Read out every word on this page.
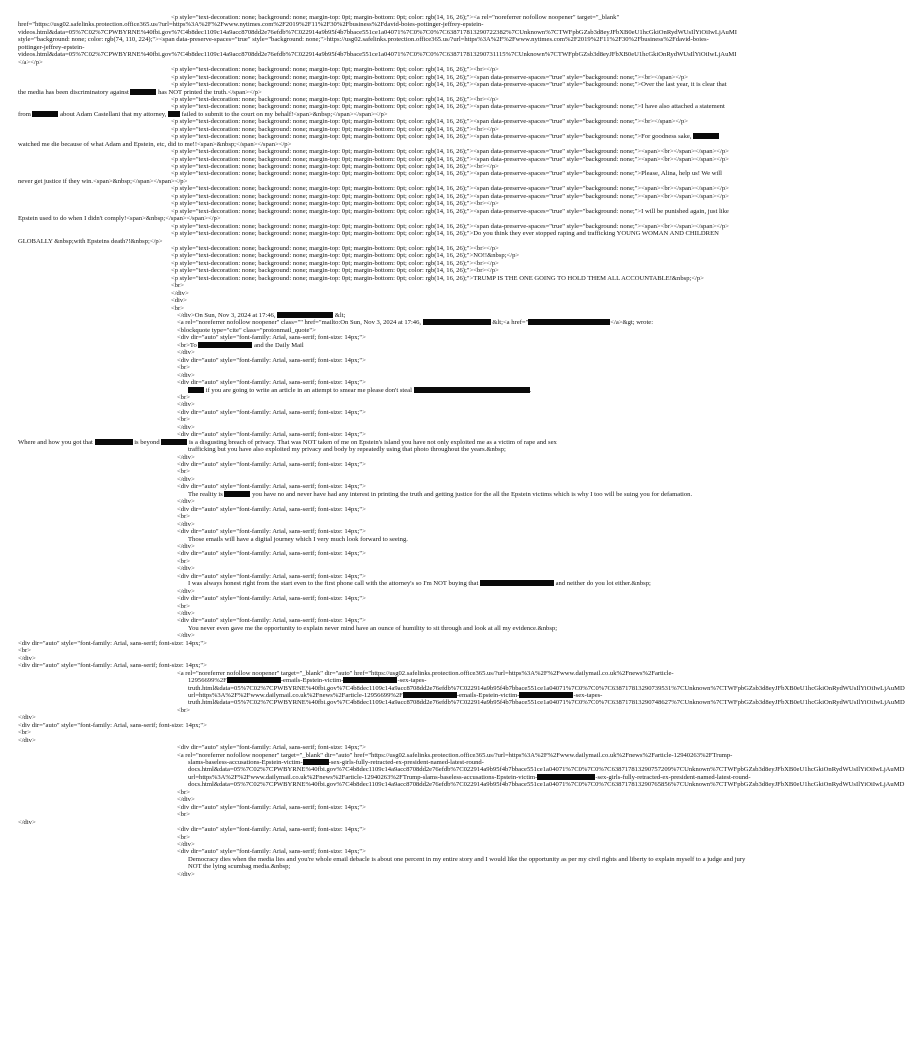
<p style="text-decoration: none; background: none; margin-top: 0pt; margin-bottom: 0pt; color: rgb(14, 16, 26);"><a rel="noreferrer nofollow noopener" target="_blank"
href="https://usg02.safelinks.protection.office365.us/?url=https%3A%2F%2Fwww.nytimes.com%2F2019%2F11%2F30%2Fbusiness%2Fdavid-boies-pottinger-jeffrey-epstein-
videos.html&data=05%7C02%7CPWBYRNE%40fbi.gov%7C4b8dec1109c14a9acc8708dd2e76efdb%7C022914a9b95f4b7bbace551ce1a04071%7C0%7C0%7C638717813290722382%7CUnknown%7CTWFpbGZsb3d8eyJFbXB0eU1hcGkiOnRydWUsIlYiOiIwLjAuMI
style="background: none; color: rgb(74, 110, 224);"><span data-preserve-spaces="true" style="background: none;">https://usg02.safelinks.protection.office365.us/?url=https%3A%2F%2Fwww.nytimes.com%2F2019%2F11%2F30%2Fbusiness%2Fdavid-boies-
pottinger-jeffrey-epstein-
videos.html&data=05%7C02%7CPWBYRNE%40fbi.gov%7C4b8dec1109c14a9acc8708dd2e76efdb%7C022914a9b95f4b7bbace551ce1a04071%7C0%7C0%7C638717813290731115%7CUnknown%7CTWFpbGZsb3d8eyJFbXB0eU1hcGkiOnRydWUsIlYiOiIwLjAuMI
</a></p>
<p style="text-decoration: none; background: none; margin-top: 0pt; margin-bottom: 0pt; color: rgb(14, 16, 26);"><br></p>
<p style="text-decoration: none; background: none; margin-top: 0pt; margin-bottom: 0pt; color: rgb(14, 16, 26);"><span data-preserve-spaces="true" style="background: none;"><br></span></p>
<p style="text-decoration: none; background: none; margin-top: 0pt; margin-bottom: 0pt; color: rgb(14, 16, 26);"><span data-preserve-spaces="true" style="background: none;">Over the last year, it is clear that
the media has been discriminatory against	has NOT printed the truth.</span></p>
<p style="text-decoration: none; background: none; margin-top: 0pt; margin-bottom: 0pt; color: rgb(14, 16, 26);"><br></p>
<p style="text-decoration: none; background: none; margin-top: 0pt; margin-bottom: 0pt; color: rgb(14, 16, 26);"><span data-preserve-spaces="true" style="background: none;">I have also attached a statement
from	about Adam Castellani that my attorney,  failed to submit to the court on my behalf!<span>&nbsp;</span></span></p>
<p style="text-decoration: none; background: none; margin-top: 0pt; margin-bottom: 0pt; color: rgb(14, 16, 26);"><span data-preserve-spaces="true" style="background: none;"><br></span></p>
<p style="text-decoration: none; background: none; margin-top: 0pt; margin-bottom: 0pt; color: rgb(14, 16, 26);"><br></p>
<p style="text-decoration: none; background: none; margin-top: 0pt; margin-bottom: 0pt; color: rgb(14, 16, 26);"><span data-preserve-spaces="true" style="background: none;">For goodness sake,
watched me die because of what Adam and Epstein, etc, did to me!!<span>&nbsp;</span></span></p>
<p style="text-decoration: none; background: none; margin-top: 0pt; margin-bottom: 0pt; color: rgb(14, 16, 26);"><span data-preserve-spaces="true" style="background: none;"><span><br></span></span></p>
<p style="text-decoration: none; background: none; margin-top: 0pt; margin-bottom: 0pt; color: rgb(14, 16, 26);"><span data-preserve-spaces="true" style="background: none;"><span><br></span></span></p>
<p style="text-decoration: none; background: none; margin-top: 0pt; margin-bottom: 0pt; color: rgb(14, 16, 26);"><br></p>
<p style="text-decoration: none; background: none; margin-top: 0pt; margin-bottom: 0pt; color: rgb(14, 16, 26);"><span data-preserve-spaces="true" style="background: none;">Please, Alina, help us! We will
never get justice if they win.<span>&nbsp;</span></span></p>
<p style="text-decoration: none; background: none; margin-top: 0pt; margin-bottom: 0pt; color: rgb(14, 16, 26);"><span data-preserve-spaces="true" style="background: none;"><span><br></span></span></p>
<p style="text-decoration: none; background: none; margin-top: 0pt; margin-bottom: 0pt; color: rgb(14, 16, 26);"><span data-preserve-spaces="true" style="background: none;"><span><br></span></span></p>
<p style="text-decoration: none; background: none; margin-top: 0pt; margin-bottom: 0pt; color: rgb(14, 16, 26);"><br></p>
<p style="text-decoration: none; background: none; margin-top: 0pt; margin-bottom: 0pt; color: rgb(14, 16, 26);"><span data-preserve-spaces="true" style="background: none;">I will be punished again, just like
Epstein used to do when I didn't comply!<span>&nbsp;</span></span></p>
<p style="text-decoration: none; background: none; margin-top: 0pt; margin-bottom: 0pt; color: rgb(14, 16, 26);"><span data-preserve-spaces="true" style="background: none;"><span><br></span></span></p>
<p style="text-decoration: none; background: none; margin-top: 0pt; margin-bottom: 0pt; color: rgb(14, 16, 26);">Do you think they ever stopped raping and trafficking YOUNG WOMAN AND CHILDREN
GLOBALLY &nbsp;with Epsteins death?!&nbsp;</p>
<p style="text-decoration: none; background: none; margin-top: 0pt; margin-bottom: 0pt; color: rgb(14, 16, 26);"><br></p>
<p style="text-decoration: none; background: none; margin-top: 0pt; margin-bottom: 0pt; color: rgb(14, 16, 26);">NO!!&nbsp;</p>
<p style="text-decoration: none; background: none; margin-top: 0pt; margin-bottom: 0pt; color: rgb(14, 16, 26);"><br></p>
<p style="text-decoration: none; background: none; margin-top: 0pt; margin-bottom: 0pt; color: rgb(14, 16, 26);"><br></p>
<p style="text-decoration: none; background: none; margin-top: 0pt; margin-bottom: 0pt; color: rgb(14, 16, 26);">TRUMP IS THE ONE GOING TO HOLD THEM ALL ACCOUNTABLE!&nbsp;</p>
<br>
</div>
<div>
<br>
</div>On Sun, Nov 3, 2024 at 17:46,	&lt;
<a rel="noreferrer nofollow noopener" class="" href="mailto:On Sun, Nov 3, 2024 at 17:46,	&lt;<a href="	</a>&gt; wrote:
<blockquote type="cite" class="protonmail_quote">
<div dir="auto" style="font-family: Arial, sans-serif; font-size: 14px;">
<br>To	and the Daily Mail
</div>
<div dir="auto" style="font-family: Arial, sans-serif; font-size: 14px;">
<br>
</div>
<div dir="auto" style="font-family: Arial, sans-serif; font-size: 14px;">
if you are going to write an article in an attempt to smear me please don't steal	.
<br>
</div>
<div dir="auto" style="font-family: Arial, sans-serif; font-size: 14px;">
<br>
</div>
<div dir="auto" style="font-family: Arial, sans-serif; font-size: 14px;">
Where and how you got that	is beyond	is a disgusting breach of privacy. That was NOT taken of me on Epstein's island you have not only exploited me as a victim of rape and sex
trafficking but you have also exploited my privacy and body by repeatedly using that photo throughout the years.&nbsp;
</div>
<div dir="auto" style="font-family: Arial, sans-serif; font-size: 14px;">
<br>
</div>
<div dir="auto" style="font-family: Arial, sans-serif; font-size: 14px;">
The reality is	you have no and never have had any interest in printing the truth and getting justice for the all the Epstein victims which is why I too will be suing you for defamation.
</div>
<div dir="auto" style="font-family: Arial, sans-serif; font-size: 14px;">
<br>
</div>
<div dir="auto" style="font-family: Arial, sans-serif; font-size: 14px;">
Those emails will have a digital journey which I very much look forward to seeing.
</div>
<div dir="auto" style="font-family: Arial, sans-serif; font-size: 14px;">
<br>
</div>
<div dir="auto" style="font-family: Arial, sans-serif; font-size: 14px;">
I was always honest right from the start even to the first phone call with the attorney's so I'm NOT buying that	and neither do you lot either.&nbsp;
</div>
<div dir="auto" style="font-family: Arial, sans-serif; font-size: 14px;">
<br>
</div>
<div dir="auto" style="font-family: Arial, sans-serif; font-size: 14px;">
You never even gave me the opportunity to explain never mind have an ounce of humility to sit through and look at all my evidence.&nbsp;
</div>
<div dir="auto" style="font-family: Arial, sans-serif; font-size: 14px;">
<br>
</div>
<div dir="auto" style="font-family: Arial, sans-serif; font-size: 14px;">
<a rel="noreferrer nofollow noopener" target="_blank" dir="auto" href="https://usg02.safelinks.protection.office365.us/?url=https%3A%2F%2Fwww.dailymail.co.uk%2Fnews%2Farticle-
12956699%2F	-emails-Epstein-victim-	-sex-tapes-
truth.html&data=05%7C02%7CPWBYRNE%40fbi.gov%7C4b8dec1109c14a9acc8708dd2e76efdb%7C022914a9b95f4b7bbace551ce1a04071%7C0%7C0%7C638717813290739531%7CUnknown%7CTWFpbGZsb3d8eyJFbXB0eU1hcGkiOnRydWUsIlYiOiIwLjAuMD
url=https%3A%2F%2Fwww.dailymail.co.uk%2Fnews%2Farticle-12956699%2F	-emails-Epstein-victim-	-sex-tapes-
truth.html&data=05%7C02%7CPWBYRNE%40fbi.gov%7C4b8dec1109c14a9acc8708dd2e76efdb%7C022914a9b95f4b7bbace551ce1a04071%7C0%7C0%7C638717813290748627%7CUnknown%7CTWFpbGZsb3d8eyJFbXB0eU1hcGkiOnRydWUsIlYiOiIwLjAuMD
<br>
</div>
<div dir="auto" style="font-family: Arial, sans-serif; font-size: 14px;">
<br>
</div>
<div dir="auto" style="font-family: Arial, sans-serif; font-size: 14px;">
<a rel="noreferrer nofollow noopener" target="_blank" dir="auto" href="https://usg02.safelinks.protection.office365.us/?url=https%3A%2F%2Fwww.dailymail.co.uk%2Fnews%2Farticle-12940263%2FTrump-
slams-baseless-accusations-Epstein-victim-	-sex-girls-fully-retracted-ex-president-named-latest-round-
docs.html&data=05%7C02%7CPWBYRNE%40fbi.gov%7C4b8dec1109c14a9acc8708dd2e76efdb%7C022914a9b95f4b7bbace551ce1a04071%7C0%7C0%7C638717813290757209%7CUnknown%7CTWFpbGZsb3d8eyJFbXB0eU1hcGkiOnRydWUsIlYiOiIwLjAuMD
url=https%3A%2F%2Fwww.dailymail.co.uk%2Fnews%2Farticle-12940263%2FTrump-slams-baseless-accusations-Epstein-victim-	-sex-girls-fully-retracted-ex-president-named-latest-round-
docs.html&data=05%7C02%7CPWBYRNE%40fbi.gov%7C4b8dec1109c14a9acc8708dd2e76efdb%7C022914a9b95f4b7bbace551ce1a04071%7C0%7C0%7C638717813290765856%7CUnknown%7CTWFpbGZsb3d8eyJFbXB0eU1hcGkiOnRydWUsIlYiOiIwLjAuMD
<br>
</div>
<div dir="auto" style="font-family: Arial, sans-serif; font-size: 14px;">
<br>
</div>
<div dir="auto" style="font-family: Arial, sans-serif; font-size: 14px;">
<br>
</div>
<div dir="auto" style="font-family: Arial, sans-serif; font-size: 14px;">
Democracy dies when the media lies and you're whole email debacle is about one percent in my entire story and I would like the opportunity as per my civil rights and liberty to explain myself to a judge and jury
NOT the lying scumbag media.&nbsp;
</div>
